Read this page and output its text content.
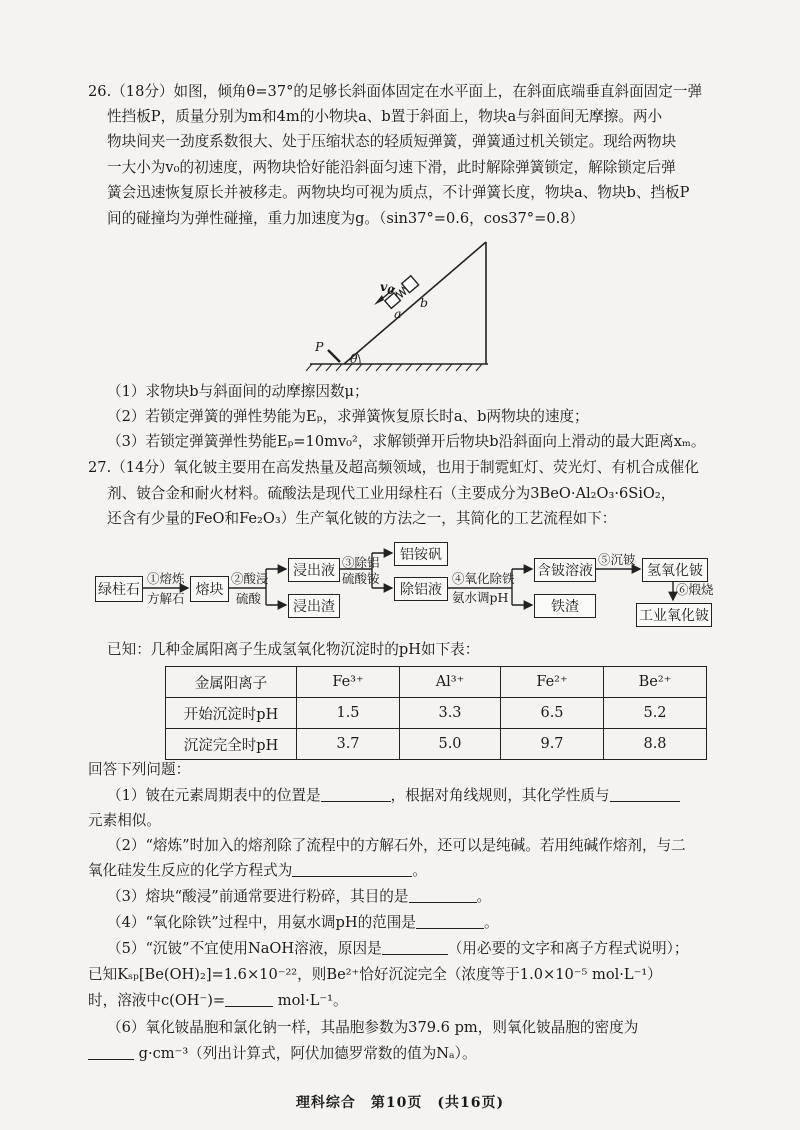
26.（18分）如图，倾角θ=37°的足够长斜面体固定在水平面上，在斜面底端垂直斜面固定一弹
性挡板P，质量分别为m和4m的小物块a、b置于斜面上，物块a与斜面间无摩擦。两小
物块间夹一劲度系数很大、处于压缩状态的轻质短弹簧，弹簧通过机关锁定。现给两物块
一大小为v₀的初速度，两物块恰好能沿斜面匀速下滑，此时解除弹簧锁定，解除锁定后弹
簧会迅速恢复原长并被移走。两物块均可视为质点，不计弹簧长度，物块a、物块b、挡板P
间的碰撞均为弹性碰撞，重力加速度为g。（sin37°=0.6，cos37°=0.8）
$v_0$
b
a
P
θ
（1）求物块b与斜面间的动摩擦因数μ；
（2）若锁定弹簧的弹性势能为Eₚ，求弹簧恢复原长时a、b两物块的速度；
（3）若锁定弹簧弹性势能Eₚ=10mv₀²，求解锁弹开后物块b沿斜面向上滑动的最大距离xₘ。
27.（14分）氧化铍主要用在高发热量及超高频领域，也用于制霓虹灯、荧光灯、有机合成催化
剂、铍合金和耐火材料。硫酸法是现代工业用绿柱石（主要成分为3BeO·Al₂O₃·6SiO₂，
还含有少量的FeO和Fe₂O₃）生产氧化铍的方法之一，其简化的工艺流程如下：
绿柱石
①熔炼
方解石
熔块
②酸浸
硫酸
浸出液
浸出渣
③除铝
硫酸铵
铝铵矾
除铝液
④氧化除铁
氨水调pH
含铍溶液
铁渣
⑤沉铍
氢氧化铍
⑥煅烧
工业氧化铍
已知：几种金属阳离子生成氢氧化物沉淀时的pH如下表：
金属阳离子	Fe³⁺	Al³⁺	Fe²⁺	Be²⁺
开始沉淀时pH	1.5	3.3	6.5	5.2
沉淀完全时pH	3.7	5.0	9.7	8.8
回答下列问题：
（1）铍在元素周期表中的位置是	，根据对角线规则，其化学性质与
元素相似。
（2）“熔炼”时加入的熔剂除了流程中的方解石外，还可以是纯碱。若用纯碱作熔剂，与二
氧化硅发生反应的化学方程式为	。
（3）熔块“酸浸”前通常要进行粉碎，其目的是	。
（4）“氧化除铁”过程中，用氨水调pH的范围是	。
（5）“沉铍”不宜使用NaOH溶液，原因是	（用必要的文字和离子方程式说明）；
已知Kₛₚ[Be(OH)₂]=1.6×10⁻²²，则Be²⁺恰好沉淀完全（浓度等于1.0×10⁻⁵ mol·L⁻¹）
时，溶液中c(OH⁻)=	mol·L⁻¹。
（6）氧化铍晶胞和氯化钠一样，其晶胞参数为379.6 pm，则氧化铍晶胞的密度为
g·cm⁻³（列出计算式，阿伏加德罗常数的值为Nₐ）。
理科综合　第10页　(共16页)
